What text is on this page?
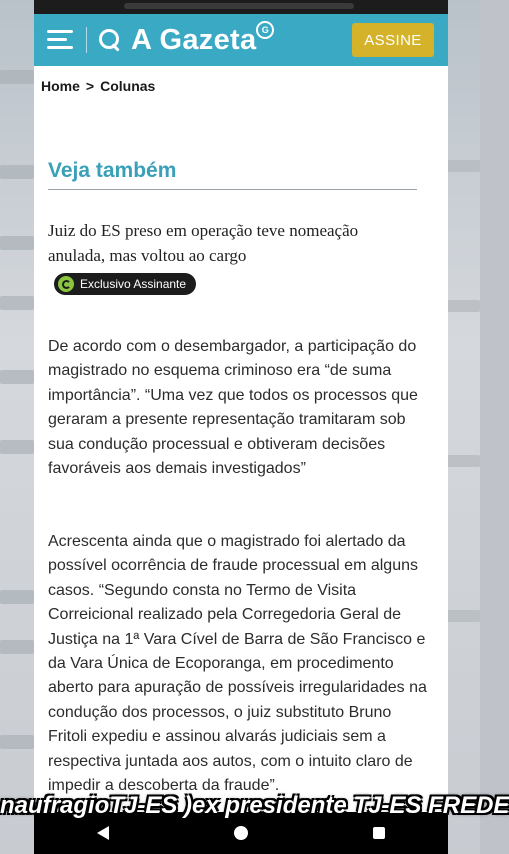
A Gazeta G
ASSINE
Home > Colunas
Veja também
Juiz do ES preso em operação teve nomeação anulada, mas voltou ao cargo
Exclusivo Assinante
De acordo com o desembargador, a participação do magistrado no esquema criminoso era “de suma importância”. “Uma vez que todos os processos que geraram a presente representação tramitaram sob sua condução processual e obtiveram decisões favoráveis aos demais investigados”
Acrescenta ainda que o magistrado foi alertado da possível ocorrência de fraude processual em alguns casos. “Segundo consta no Termo de Visita Correicional realizado pela Corregedoria Geral de Justiça na 1ª Vara Cível de Barra de São Francisco e da Vara Única de Ecoporanga, em procedimento aberto para apuração de possíveis irregularidades na condução dos processos, o juiz substituto Bruno Fritoli expediu e assinou alvarás judiciais sem a respectiva juntada aos autos, com o intuito claro de impedir a descoberta da fraude”.
naufragioTJ-ES )ex presidente TJ-ES FREDE
